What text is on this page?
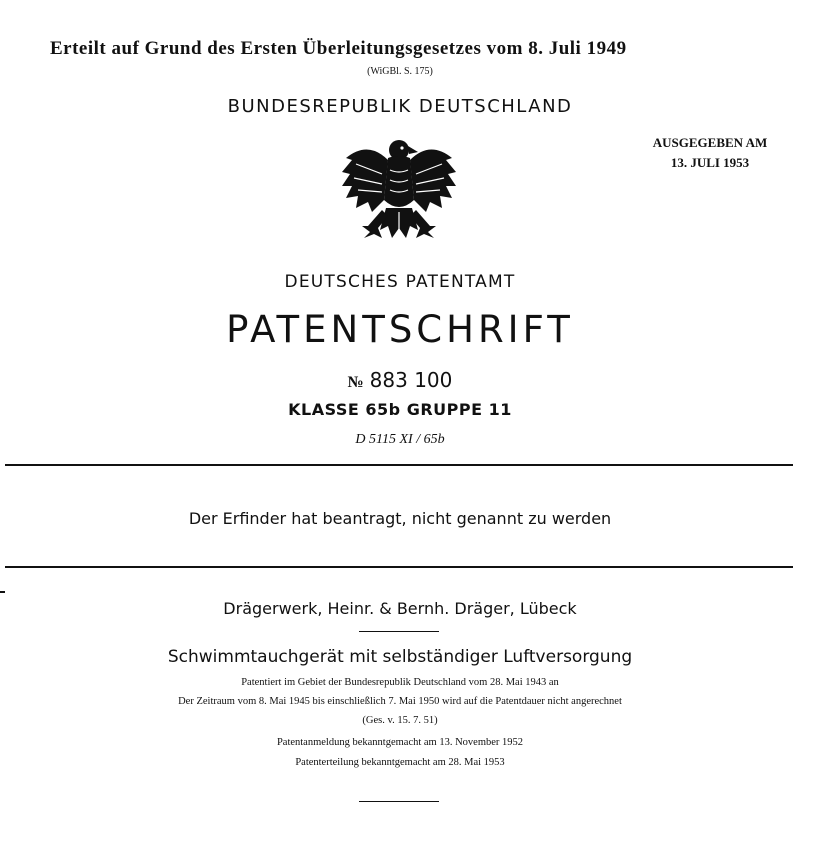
Erteilt auf Grund des Ersten Überleitungsgesetzes vom 8. Juli 1949
(WiGBl. S. 175)
BUNDESREPUBLIK DEUTSCHLAND
AUSGEGEBEN AM
13. JULI 1953
DEUTSCHES PATENTAMT
PATENTSCHRIFT
№ 883 100
KLASSE 65b GRUPPE 11
D 5115 XI / 65b
Der Erfinder hat beantragt, nicht genannt zu werden
Drägerwerk, Heinr. & Bernh. Dräger, Lübeck
Schwimmtauchgerät mit selbständiger Luftversorgung
Patentiert im Gebiet der Bundesrepublik Deutschland vom 28. Mai 1943 an
Der Zeitraum vom 8. Mai 1945 bis einschließlich 7. Mai 1950 wird auf die Patentdauer nicht angerechnet
(Ges. v. 15. 7. 51)
Patentanmeldung bekanntgemacht am 13. November 1952
Patenterteilung bekanntgemacht am 28. Mai 1953
